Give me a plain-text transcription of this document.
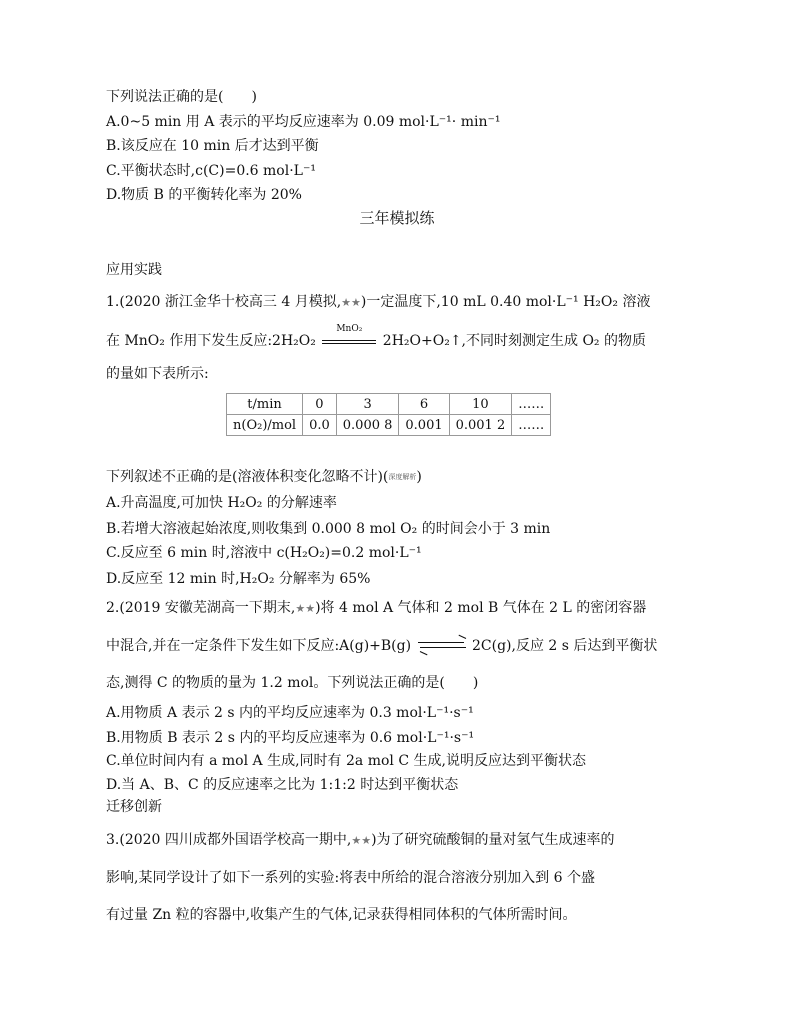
下列说法正确的是(　　)
A.0~5 min 用 A 表示的平均反应速率为 0.09 mol·L⁻¹· min⁻¹
B.该反应在 10 min 后才达到平衡
C.平衡状态时,c(C)=0.6 mol·L⁻¹
D.物质 B 的平衡转化率为 20%
三年模拟练
应用实践
1.(2020 浙江金华十校高三 4 月模拟,★★)一定温度下,10 mL 0.40 mol·L⁻¹ H₂O₂ 溶液
在 MnO₂ 作用下发生反应:2H₂O₂
MnO₂
2H₂O+O₂↑,不同时刻测定生成 O₂ 的物质
的量如下表所示:
t/min	0	3	6	10	……
n(O₂)/mol	0.0	0.000 8	0.001	0.001 2	……
下列叙述不正确的是(溶液体积变化忽略不计)(深度解析)
A.升高温度,可加快 H₂O₂ 的分解速率
B.若增大溶液起始浓度,则收集到 0.000 8 mol O₂ 的时间会小于 3 min
C.反应至 6 min 时,溶液中 c(H₂O₂)=0.2 mol·L⁻¹
D.反应至 12 min 时,H₂O₂ 分解率为 65%
2.(2019 安徽芜湖高一下期末,★★)将 4 mol A 气体和 2 mol B 气体在 2 L 的密闭容器
中混合,并在一定条件下发生如下反应:A(g)+B(g) ⇌ 2C(g),反应 2 s 后达到平衡状
态,测得 C 的物质的量为 1.2 mol。下列说法正确的是(　　)
A.用物质 A 表示 2 s 内的平均反应速率为 0.3 mol·L⁻¹·s⁻¹
B.用物质 B 表示 2 s 内的平均反应速率为 0.6 mol·L⁻¹·s⁻¹
C.单位时间内有 a mol A 生成,同时有 2a mol C 生成,说明反应达到平衡状态
D.当 A、B、C 的反应速率之比为 1:1:2 时达到平衡状态
迁移创新
3.(2020 四川成都外国语学校高一期中,★★)为了研究硫酸铜的量对氢气生成速率的
影响,某同学设计了如下一系列的实验:将表中所给的混合溶液分别加入到 6 个盛
有过量 Zn 粒的容器中,收集产生的气体,记录获得相同体积的气体所需时间。
